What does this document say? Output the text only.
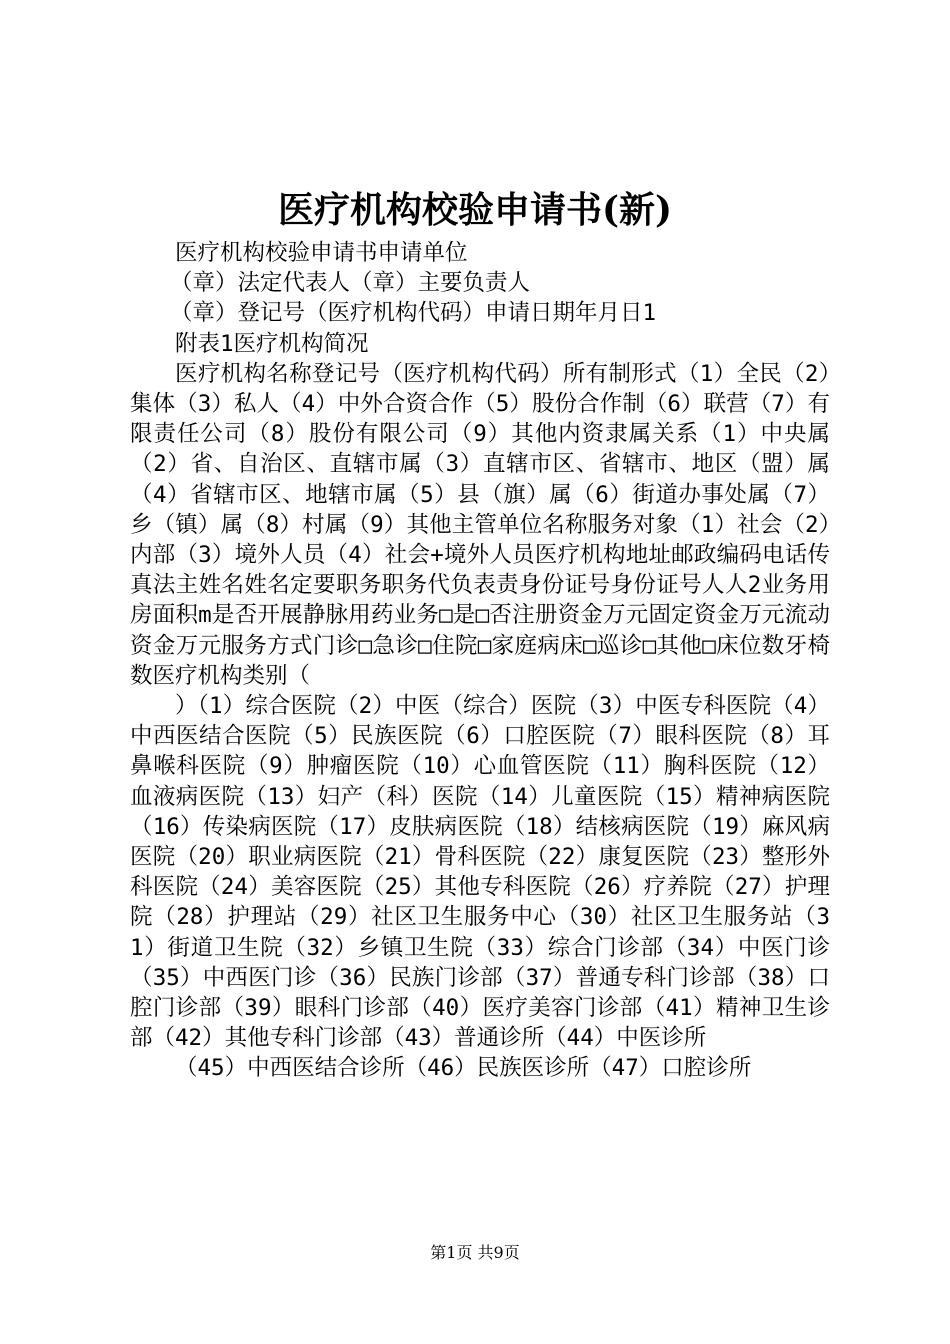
医疗机构校验申请书(新)

医疗机构校验申请书申请单位

（章）法定代表人（章）主要负责人

（章）登记号（医疗机构代码）申请日期年月日1

附表1医疗机构简况

医疗机构名称登记号（医疗机构代码）所有制形式（1）全民（2）集体（3）私人（4）中外合资合作（5）股份合作制（6）联营（7）有限责任公司（8）股份有限公司（9）其他内资隶属关系（1）中央属（2）省、自治区、直辖市属（3）直辖市区、省辖市、地区（盟）属（4）省辖市区、地辖市属（5）县（旗）属（6）街道办事处属（7）乡（镇）属（8）村属（9）其他主管单位名称服务对象（1）社会（2）内部（3）境外人员（4）社会+境外人员医疗机构地址邮政编码电话传真法主姓名姓名定要职务职务代负表责身份证号身份证号人人2业务用房面积m是否开展静脉用药业务□是□否注册资金万元固定资金万元流动资金万元服务方式门诊□急诊□住院□家庭病床□巡诊□其他□床位数牙椅数医疗机构类别（

）（1）综合医院（2）中医（综合）医院（3）中医专科医院（4）中西医结合医院（5）民族医院（6）口腔医院（7）眼科医院（8）耳鼻喉科医院（9）肿瘤医院（10）心血管医院（11）胸科医院（12）血液病医院（13）妇产（科）医院（14）儿童医院（15）精神病医院（16）传染病医院（17）皮肤病医院（18）结核病医院（19）麻风病医院（20）职业病医院（21）骨科医院（22）康复医院（23）整形外科医院（24）美容医院（25）其他专科医院（26）疗养院（27）护理院（28）护理站（29）社区卫生服务中心（30）社区卫生服务站（31）街道卫生院（32）乡镇卫生院（33）综合门诊部（34）中医门诊（35）中西医门诊（36）民族门诊部（37）普通专科门诊部（38）口腔门诊部（39）眼科门诊部（40）医疗美容门诊部（41）精神卫生诊部（42）其他专科门诊部（43）普通诊所（44）中医诊所

（45）中西医结合诊所（46）民族医诊所（47）口腔诊所

第1页 共9页
